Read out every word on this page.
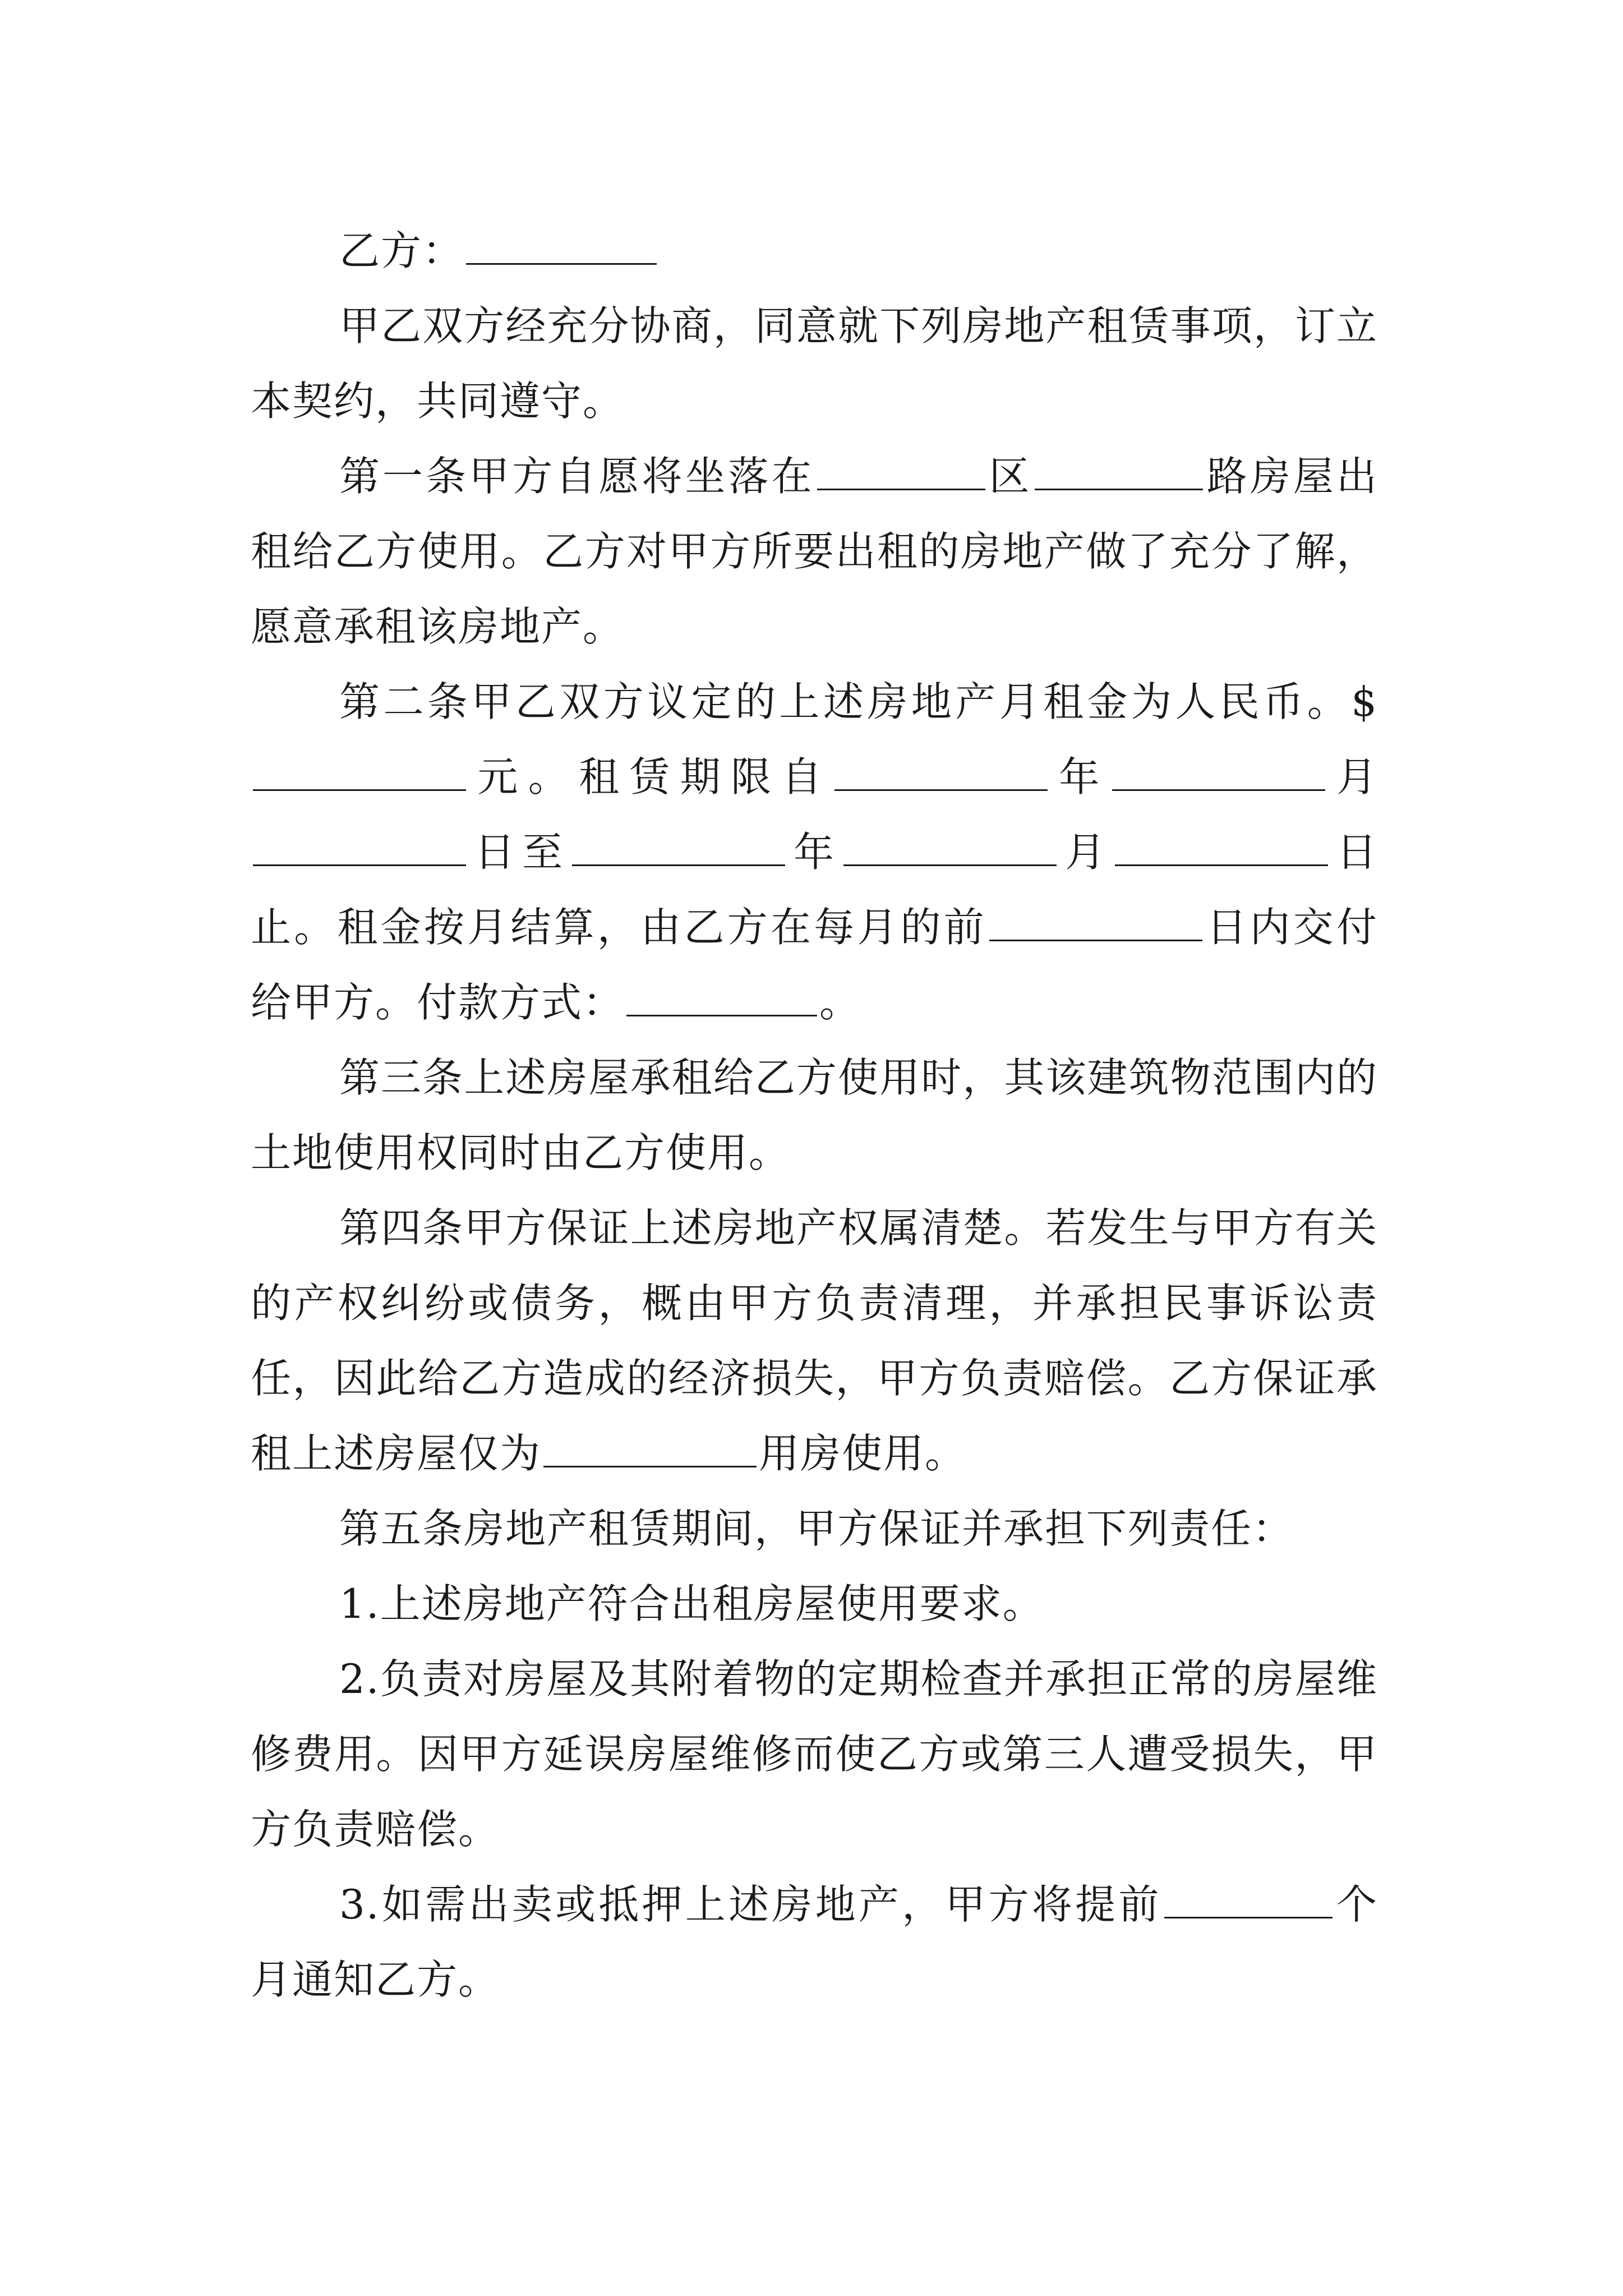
乙方：

甲乙双方经充分协商，同意就下列房地产租赁事项，订立本契约，共同遵守。

第一条甲方自愿将坐落在	区	路房屋出租给乙方使用。乙方对甲方所要出租的房地产做了充分了解，愿意承租该房地产。

第二条甲乙双方议定的上述房地产月租金为人民币。$元。租赁期限自	年	月日至	年	月	日止。租金按月结算，由乙方在每月的前	日内交付给甲方。付款方式：	。

第三条上述房屋承租给乙方使用时，其该建筑物范围内的土地使用权同时由乙方使用。

第四条甲方保证上述房地产权属清楚。若发生与甲方有关的产权纠纷或债务，概由甲方负责清理，并承担民事诉讼责任，因此给乙方造成的经济损失，甲方负责赔偿。乙方保证承租上述房屋仅为	用房使用。

第五条房地产租赁期间，甲方保证并承担下列责任：

1.上述房地产符合出租房屋使用要求。

2.负责对房屋及其附着物的定期检查并承担正常的房屋维修费用。因甲方延误房屋维修而使乙方或第三人遭受损失，甲方负责赔偿。

3.如需出卖或抵押上述房地产，甲方将提前	个月通知乙方。
